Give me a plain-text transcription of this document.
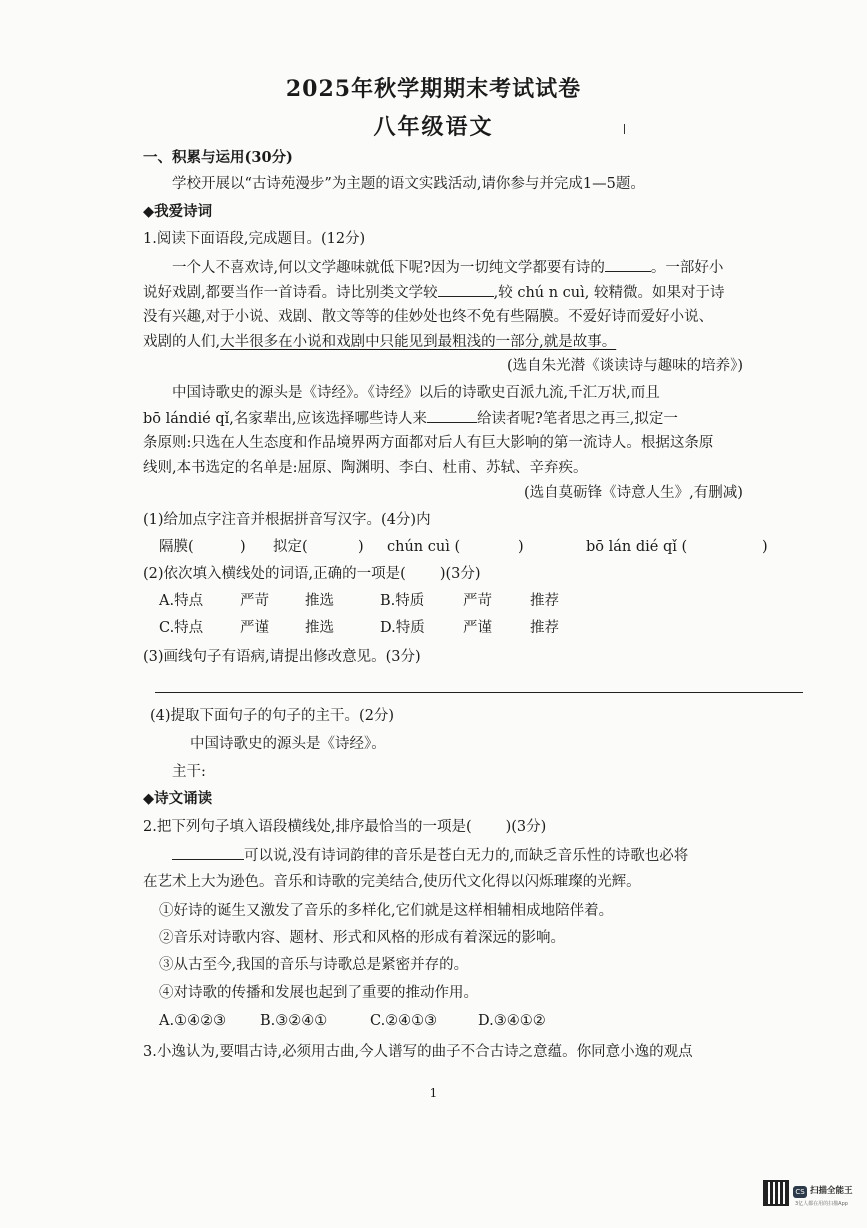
2025年秋学期期末考试试卷
八年级语文
一、积累与运用(30分)
学校开展以“古诗苑漫步”为主题的语文实践活动,请你参与并完成1—5题。
◆我爱诗词
1.阅读下面语段,完成题目。(12分)
一个人不喜欢诗,何以文学趣味就低下呢?因为一切纯文学都要有诗的	。一部好小
说好戏剧,都要当作一首诗看。诗比别类文学较	,较 chú n cuì, 较精微。如果对于诗
没有兴趣,对于小说、戏剧、散文等等的佳妙处也终不免有些隔膜。不爱好诗而爱好小说、
戏剧的人们,大半很多在小说和戏剧中只能见到最粗浅的一部分,就是故事。
(选自朱光潜《谈读诗与趣味的培养》)
中国诗歌史的源头是《诗经》。《诗经》以后的诗歌史百派九流,千汇万状,而且
bō lándié qǐ,名家辈出,应该选择哪些诗人来	给读者呢?笔者思之再三,拟定一
条原则:只选在人生态度和作品境界两方面都对后人有巨大影响的第一流诗人。根据这条原
线则,本书选定的名单是:屈原、陶渊明、李白、杜甫、苏轼、辛弃疾。
(选自莫砺锋《诗意人生》,有删减)
(1)给加点字注音并根据拼音写汉字。(4分)内
隔膜(	) 拟定(	) chún cuì (	)	bō lán dié qǐ (	)
(2)依次填入横线处的词语,正确的一项是( )(3分)
A.特点	严苛 推选	B.特质	严苛	推荐
C.特点	严谨 推选	D.特质	严谨	推荐
(3)画线句子有语病,请提出修改意见。(3分)
(4)提取下面句子的句子的主干。(2分)
中国诗歌史的源头是《诗经》。
主干:
◆诗文诵读
2.把下列句子填入语段横线处,排序最恰当的一项是( )(3分)
可以说,没有诗词韵律的音乐是苍白无力的,而缺乏音乐性的诗歌也必将
在艺术上大为逊色。音乐和诗歌的完美结合,使历代文化得以闪烁璀璨的光辉。
①好诗的诞生又激发了音乐的多样化,它们就是这样相辅相成地陪伴着。
②音乐对诗歌内容、题材、形式和风格的形成有着深远的影响。
③从古至今,我国的音乐与诗歌总是紧密并存的。
④对诗歌的传播和发展也起到了重要的推动作用。
A.①④②③ B.③②④①	C.②④①③	D.③④①②
3.小逸认为,要唱古诗,必须用古曲,今人谱写的曲子不合古诗之意蕴。你同意小逸的观点
1
CS 扫描全能王
3亿人都在用的扫描App
